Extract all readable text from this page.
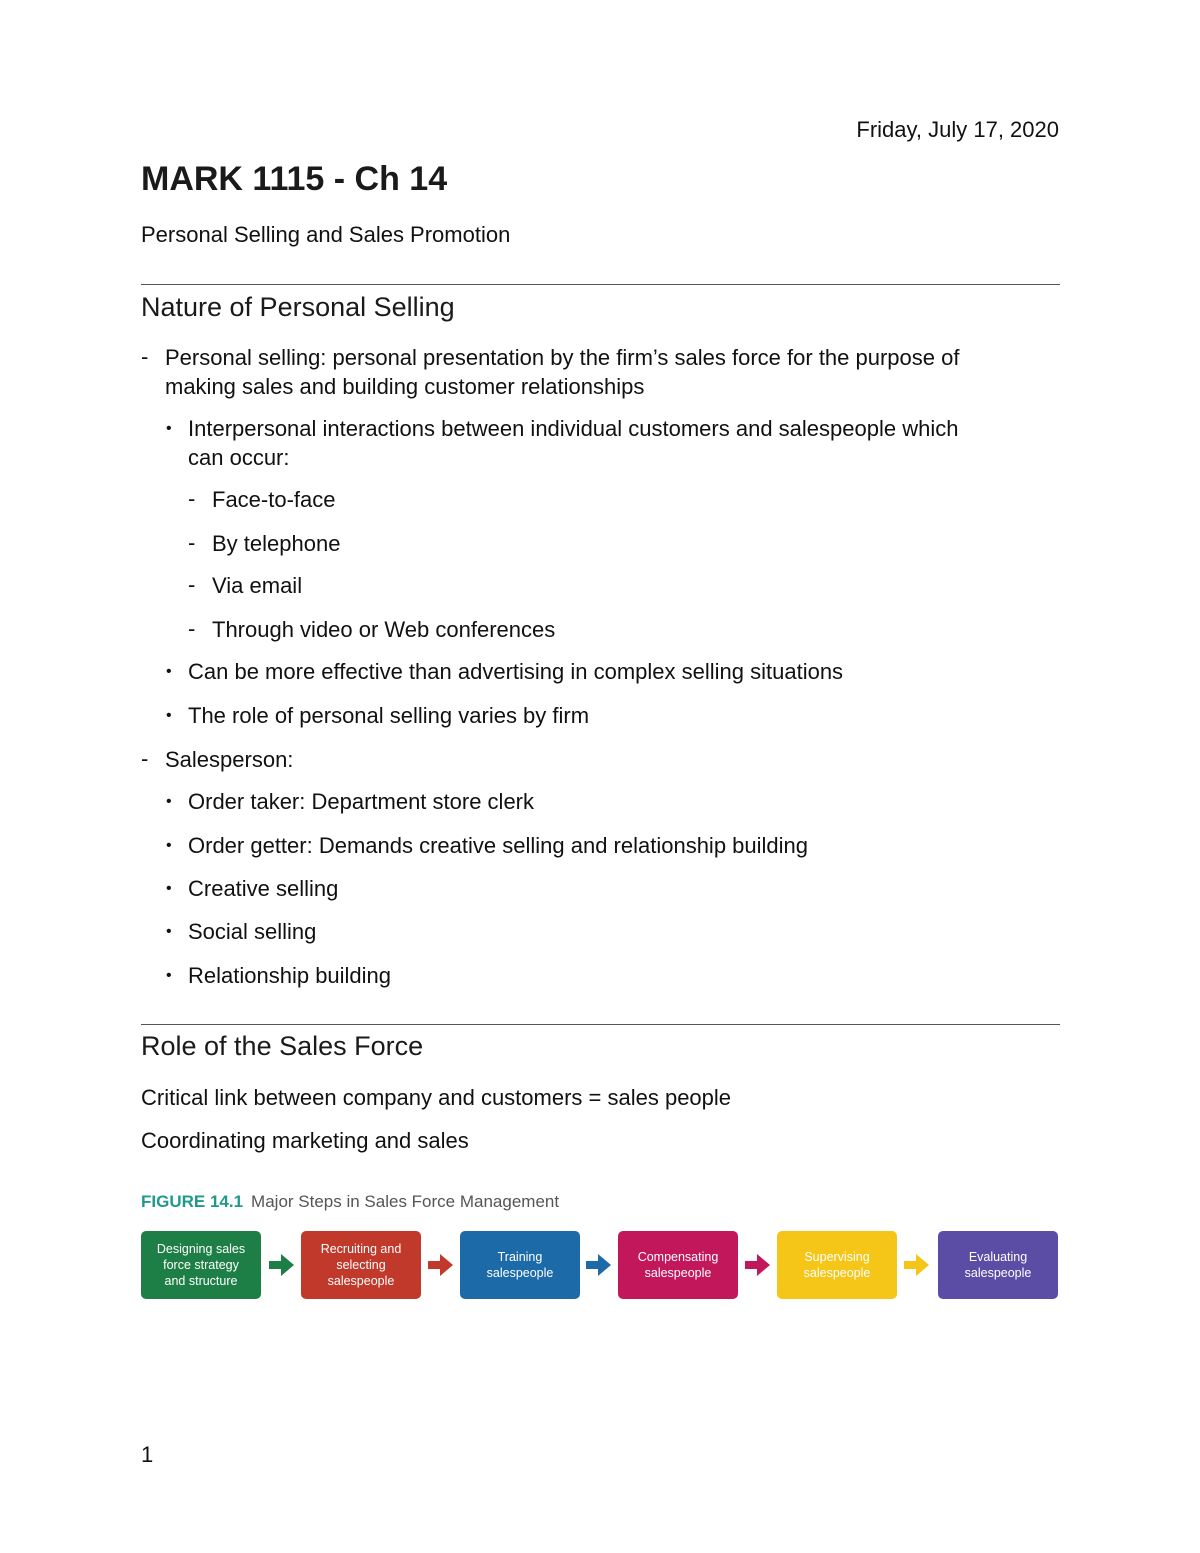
Friday, July 17, 2020
MARK 1115 - Ch 14

Personal Selling and Sales Promotion

Nature of Personal Selling
- Personal selling: personal presentation by the firm’s sales force for the purpose of
making sales and building customer relationships
• Interpersonal interactions between individual customers and salespeople which
can occur:
- Face-to-face
- By telephone
- Via email
- Through video or Web conferences
• Can be more effective than advertising in complex selling situations
• The role of personal selling varies by firm
- Salesperson:
• Order taker: Department store clerk
• Order getter: Demands creative selling and relationship building
• Creative selling
• Social selling
• Relationship building
Role of the Sales Force
Critical link between company and customers = sales people
Coordinating marketing and sales
FIGURE 14.1 Major Steps in Sales Force Management
Designing sales
force strategy
and structure
Recruiting and
selecting
salespeople
Training
salespeople
Compensating
salespeople
Supervising
salespeople
Evaluating
salespeople
1
